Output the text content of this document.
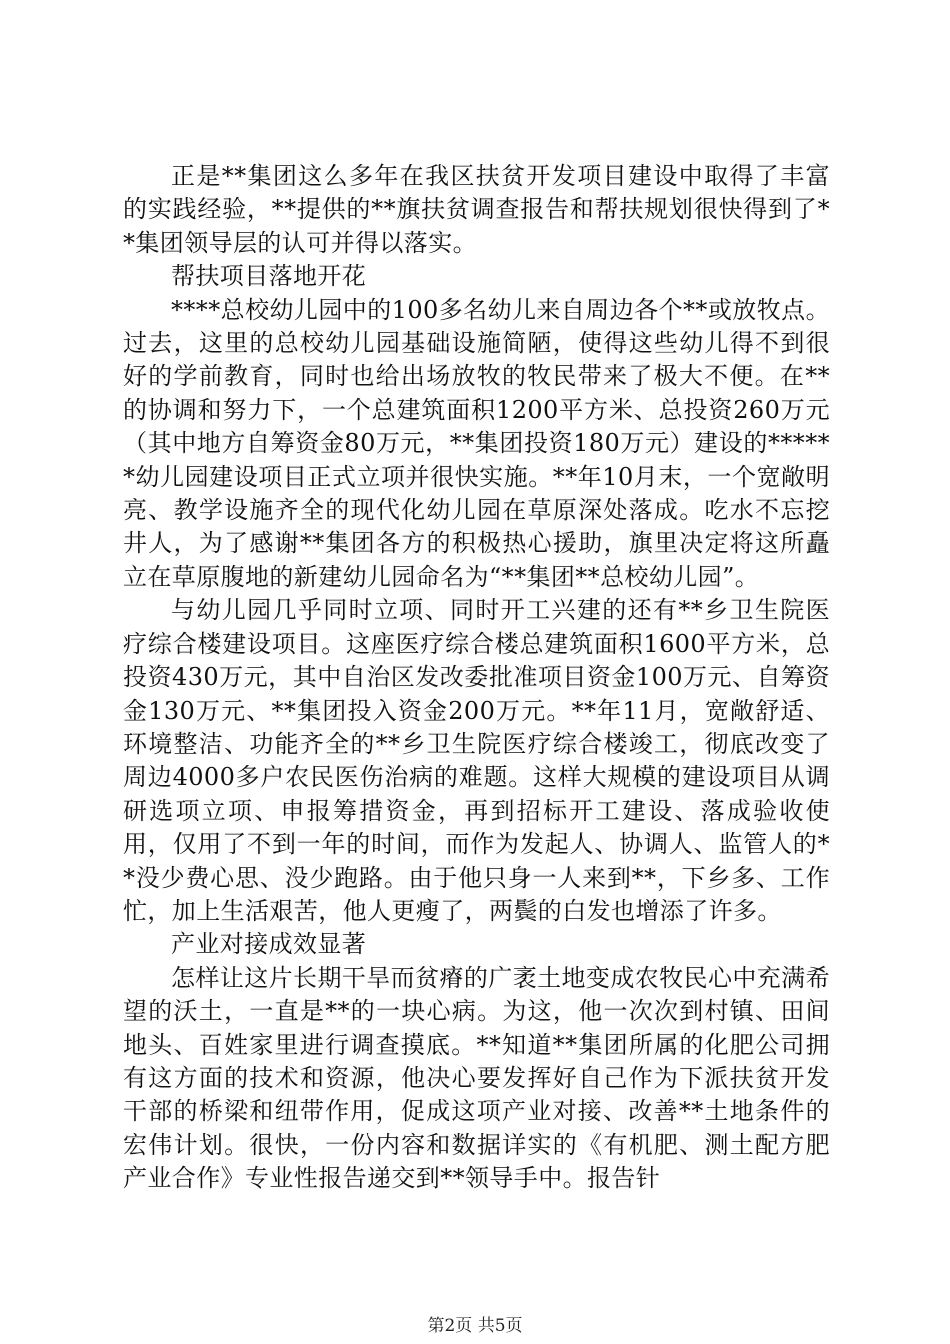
正是**集团这么多年在我区扶贫开发项目建设中取得了丰富的实践经验，**提供的**旗扶贫调查报告和帮扶规划很快得到了**集团领导层的认可并得以落实。

帮扶项目落地开花

****总校幼儿园中的100多名幼儿来自周边各个**或放牧点。过去，这里的总校幼儿园基础设施简陋，使得这些幼儿得不到很好的学前教育，同时也给出场放牧的牧民带来了极大不便。在**的协调和努力下，一个总建筑面积1200平方米、总投资260万元（其中地方自筹资金80万元，**集团投资180万元）建设的******幼儿园建设项目正式立项并很快实施。**年10月末，一个宽敞明亮、教学设施齐全的现代化幼儿园在草原深处落成。吃水不忘挖井人，为了感谢**集团各方的积极热心援助，旗里决定将这所矗立在草原腹地的新建幼儿园命名为“**集团**总校幼儿园”。

与幼儿园几乎同时立项、同时开工兴建的还有**乡卫生院医疗综合楼建设项目。这座医疗综合楼总建筑面积1600平方米，总投资430万元，其中自治区发改委批准项目资金100万元、自筹资金130万元、**集团投入资金200万元。**年11月，宽敞舒适、环境整洁、功能齐全的**乡卫生院医疗综合楼竣工，彻底改变了周边4000多户农民医伤治病的难题。这样大规模的建设项目从调研选项立项、申报筹措资金，再到招标开工建设、落成验收使用，仅用了不到一年的时间，而作为发起人、协调人、监管人的**没少费心思、没少跑路。由于他只身一人来到**，下乡多、工作忙，加上生活艰苦，他人更瘦了，两鬓的白发也增添了许多。

产业对接成效显著

怎样让这片长期干旱而贫瘠的广袤土地变成农牧民心中充满希望的沃土，一直是**的一块心病。为这，他一次次到村镇、田间地头、百姓家里进行调查摸底。**知道**集团所属的化肥公司拥有这方面的技术和资源，他决心要发挥好自己作为下派扶贫开发干部的桥梁和纽带作用，促成这项产业对接、改善**土地条件的宏伟计划。很快，一份内容和数据详实的《有机肥、测土配方肥产业合作》专业性报告递交到**领导手中。报告针

第2页 共5页
